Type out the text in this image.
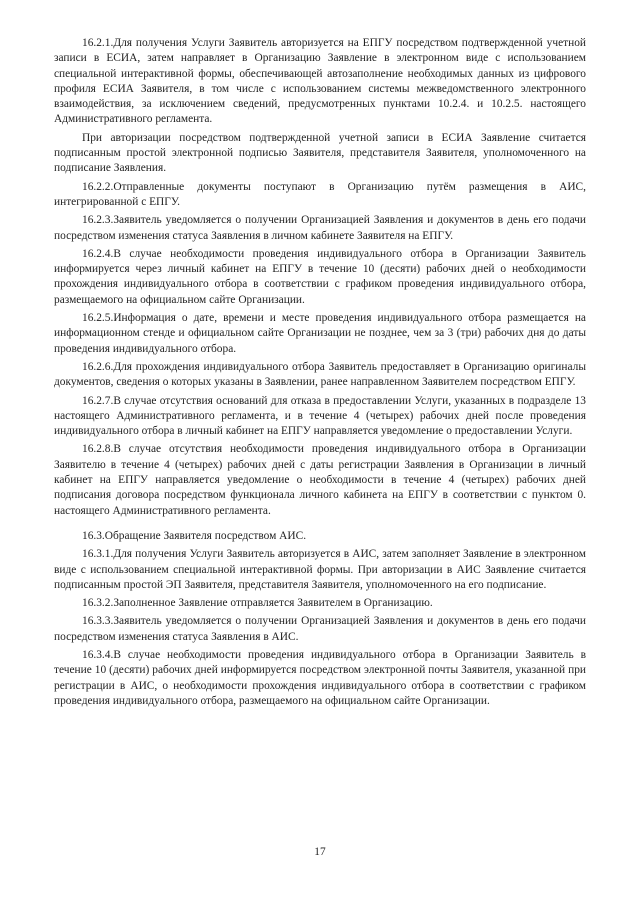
16.2.1.Для получения Услуги Заявитель авторизуется на ЕПГУ посредством подтвержденной учетной записи в ЕСИА, затем направляет в Организацию Заявление в электронном виде с использованием специальной интерактивной формы, обеспечивающей автозаполнение необходимых данных из цифрового профиля ЕСИА Заявителя, в том числе с использованием системы межведомственного электронного взаимодействия, за исключением сведений, предусмотренных пунктами 10.2.4. и 10.2.5. настоящего Административного регламента.

При авторизации посредством подтвержденной учетной записи в ЕСИА Заявление считается подписанным простой электронной подписью Заявителя, представителя Заявителя, уполномоченного на подписание Заявления.

16.2.2.Отправленные документы поступают в Организацию путём размещения в АИС, интегрированной с ЕПГУ.

16.2.3.Заявитель уведомляется о получении Организацией Заявления и документов в день его подачи посредством изменения статуса Заявления в личном кабинете Заявителя на ЕПГУ.

16.2.4.В случае необходимости проведения индивидуального отбора в Организации Заявитель информируется через личный кабинет на ЕПГУ в течение 10 (десяти) рабочих дней о необходимости прохождения индивидуального отбора в соответствии с графиком проведения индивидуального отбора, размещаемого на официальном сайте Организации.

16.2.5.Информация о дате, времени и месте проведения индивидуального отбора размещается на информационном стенде и официальном сайте Организации не позднее, чем за 3 (три) рабочих дня до даты проведения индивидуального отбора.

16.2.6.Для прохождения индивидуального отбора Заявитель предоставляет в Организацию оригиналы документов, сведения о которых указаны в Заявлении, ранее направленном Заявителем посредством ЕПГУ.

16.2.7.В случае отсутствия оснований для отказа в предоставлении Услуги, указанных в подразделе 13 настоящего Административного регламента, и в течение 4 (четырех) рабочих дней после проведения индивидуального отбора в личный кабинет на ЕПГУ направляется уведомление о предоставлении Услуги.

16.2.8.В случае отсутствия необходимости проведения индивидуального отбора в Организации Заявителю в течение 4 (четырех) рабочих дней с даты регистрации Заявления в Организации в личный кабинет на ЕПГУ направляется уведомление о необходимости в течение 4 (четырех) рабочих дней подписания договора посредством функционала личного кабинета на ЕПГУ в соответствии с пунктом 0. настоящего Административного регламента.

16.3.Обращение Заявителя посредством АИС.

16.3.1.Для получения Услуги Заявитель авторизуется в АИС, затем заполняет Заявление в электронном виде с использованием специальной интерактивной формы. При авторизации в АИС Заявление считается подписанным простой ЭП Заявителя, представителя Заявителя, уполномоченного на его подписание.

16.3.2.Заполненное Заявление отправляется Заявителем в Организацию.

16.3.3.Заявитель уведомляется о получении Организацией Заявления и документов в день его подачи посредством изменения статуса Заявления в АИС.

16.3.4.В случае необходимости проведения индивидуального отбора в Организации Заявитель в течение 10 (десяти) рабочих дней информируется посредством электронной почты Заявителя, указанной при регистрации в АИС, о необходимости прохождения индивидуального отбора в соответствии с графиком проведения индивидуального отбора, размещаемого на официальном сайте Организации.

17
